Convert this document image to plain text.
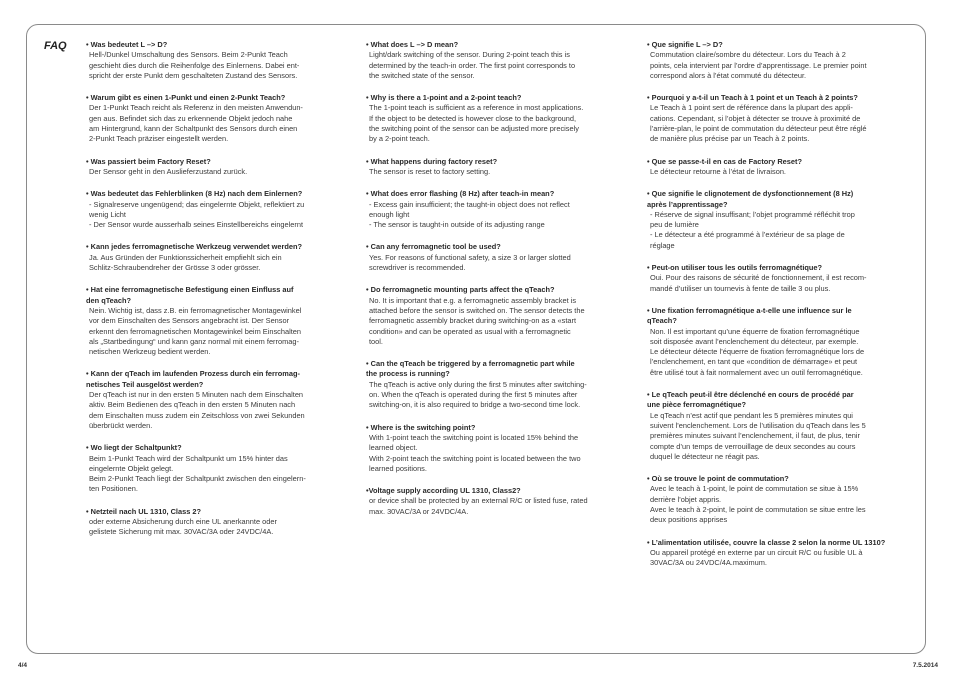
FAQ	• Was bedeutet L –> D?
Hell-/Dunkel Umschaltung des Sensors. Beim 2-Punkt Teach
geschieht dies durch die Reihenfolge des Einlernens. Dabei ent-
spricht der erste Punkt dem geschalteten Zustand des Sensors.
• Warum gibt es einen 1-Punkt und einen 2-Punkt Teach?
Der 1-Punkt Teach reicht als Referenz in den meisten Anwendun-
gen aus. Befindet sich das zu erkennende Objekt jedoch nahe
am Hintergrund, kann der Schaltpunkt des Sensors durch einen
2-Punkt Teach präziser eingestellt werden.
• Was passiert beim Factory Reset?
Der Sensor geht in den Auslieferzustand zurück.
• Was bedeutet das Fehlerblinken (8 Hz) nach dem Einlernen?
- Signalreserve ungenügend; das eingelernte Objekt, reflektiert zu
wenig Licht
- Der Sensor wurde ausserhalb seines Einstellbereichs eingelernt
• Kann jedes ferromagnetische Werkzeug verwendet werden?
Ja. Aus Gründen der Funktionssicherheit empfiehlt sich ein
Schlitz-Schraubendreher der Grösse 3 oder grösser.
• Hat eine ferromagnetische Befestigung einen Einfluss auf
den qTeach?
Nein. Wichtig ist, dass z.B. ein ferromagnetischer Montagewinkel
vor dem Einschalten des Sensors angebracht ist. Der Sensor
erkennt den ferromagnetischen Montagewinkel beim Einschalten
als „Startbedingung“ und kann ganz normal mit einem ferromag-
netischen Werkzeug bedient werden.
• Kann der qTeach im laufenden Prozess durch ein ferromag-
netisches Teil ausgelöst werden?
Der qTeach ist nur in den ersten 5 Minuten nach dem Einschalten
aktiv. Beim Bedienen des qTeach in den ersten 5 Minuten nach
dem Einschalten muss zudem ein Zeitschloss von zwei Sekunden
überbrückt werden.
• Wo liegt der Schaltpunkt?
Beim 1-Punkt Teach wird der Schaltpunkt um 15% hinter das
eingelernte Objekt gelegt.
Beim 2-Punkt Teach liegt der Schaltpunkt zwischen den eingelern-
ten Positionen.
• Netzteil nach UL 1310, Class 2?
oder externe Absicherung durch eine UL anerkannte oder
gelistete Sicherung mit max. 30VAC/3A oder 24VDC/4A.
• What does L –> D mean?
Light/dark switching of the sensor. During 2-point teach this is
determined by the teach-in order. The first point corresponds to
the switched state of the sensor.
• Why is there a 1-point and a 2-point teach?
The 1-point teach is sufficient as a reference in most applications.
If the object to be detected is however close to the background,
the switching point of the sensor can be adjusted more precisely
by a 2-point teach.
• What happens during factory reset?
The sensor is reset to factory setting.
• What does error flashing (8 Hz) after teach-in mean?
- Excess gain insufficient; the taught-in object does not reflect
enough light
- The sensor is taught-in outside of its adjusting range
• Can any ferromagnetic tool be used?
Yes. For reasons of functional safety, a size 3 or larger slotted
screwdriver is recommended.
• Do ferromagnetic mounting parts affect the qTeach?
No. It is important that e.g. a ferromagnetic assembly bracket is
attached before the sensor is switched on. The sensor detects the
ferromagnetic assembly bracket during switching-on as a «start
condition» and can be operated as usual with a ferromagnetic
tool.
• Can the qTeach be triggered by a ferromagnetic part while
the process is running?
The qTeach is active only during the first 5 minutes after switching-
on. When the qTeach is operated during the first 5 minutes after
switching-on, it is also required to bridge a two-second time lock.
• Where is the switching point?
With 1-point teach the switching point is located 15% behind the
learned object.
With 2-point teach the switching point is located between the two
learned positions.
•Voltage supply according UL 1310, Class2?
or device shall be protected by an external R/C or listed fuse, rated
max. 30VAC/3A or 24VDC/4A.
• Que signifie L –> D?
Commutation claire/sombre du détecteur. Lors du Teach à 2
points, cela intervient par l’ordre d’apprentissage. Le premier point
correspond alors à l’état commuté du détecteur.
• Pourquoi y a-t-il un Teach à 1 point et un Teach à 2 points?
Le Teach à 1 point sert de référence dans la plupart des appli-
cations. Cependant, si l’objet à détecter se trouve à proximité de
l’arrière-plan, le point de commutation du détecteur peut être réglé
de manière plus précise par un Teach à 2 points.
• Que se passe-t-il en cas de Factory Reset?
Le détecteur retourne à l’état de livraison.
• Que signifie le clignotement de dysfonctionnement (8 Hz)
après l’apprentissage?
- Réserve de signal insuffisant; l’objet programmé réfléchit trop
peu de lumière
- Le détecteur a été programmé à l’extérieur de sa plage de
réglage
• Peut-on utiliser tous les outils ferromagnétique?
Oui. Pour des raisons de sécurité de fonctionnement, il est recom-
mandé d’utiliser un tournevis à fente de taille 3 ou plus.
• Une fixation ferromagnétique a-t-elle une influence sur le
qTeach?
Non. Il est important qu’une équerre de fixation ferromagnétique
soit disposée avant l’enclenchement du détecteur, par exemple.
Le détecteur détecte l’équerre de fixation ferromagnétique lors de
l’enclenchement, en tant que «condition de démarrage» et peut
être utilisé tout à fait normalement avec un outil ferromagnétique.
• Le qTeach peut-il être déclenché en cours de procédé par
une pièce ferromagnétique?
Le qTeach n’est actif que pendant les 5 premières minutes qui
suivent l’enclenchement. Lors de l’utilisation du qTeach dans les 5
premières minutes suivant l’enclenchement, il faut, de plus, tenir
compte d’un temps de verrouillage de deux secondes au cours
duquel le détecteur ne réagit pas.
• Où se trouve le point de commutation?
Avec le teach à 1-point, le point de commutation se situe à 15%
derrière l’objet appris.
Avec le teach à 2-point, le point de commutation se situe entre les
deux positions apprises
• L’alimentation utilisée, couvre la classe 2 selon la norme UL 1310?
Ou appareil protégé en externe par un circuit R/C ou fusible UL à
30VAC/3A ou 24VDC/4A.maximum.
4/4	7.5.2014
